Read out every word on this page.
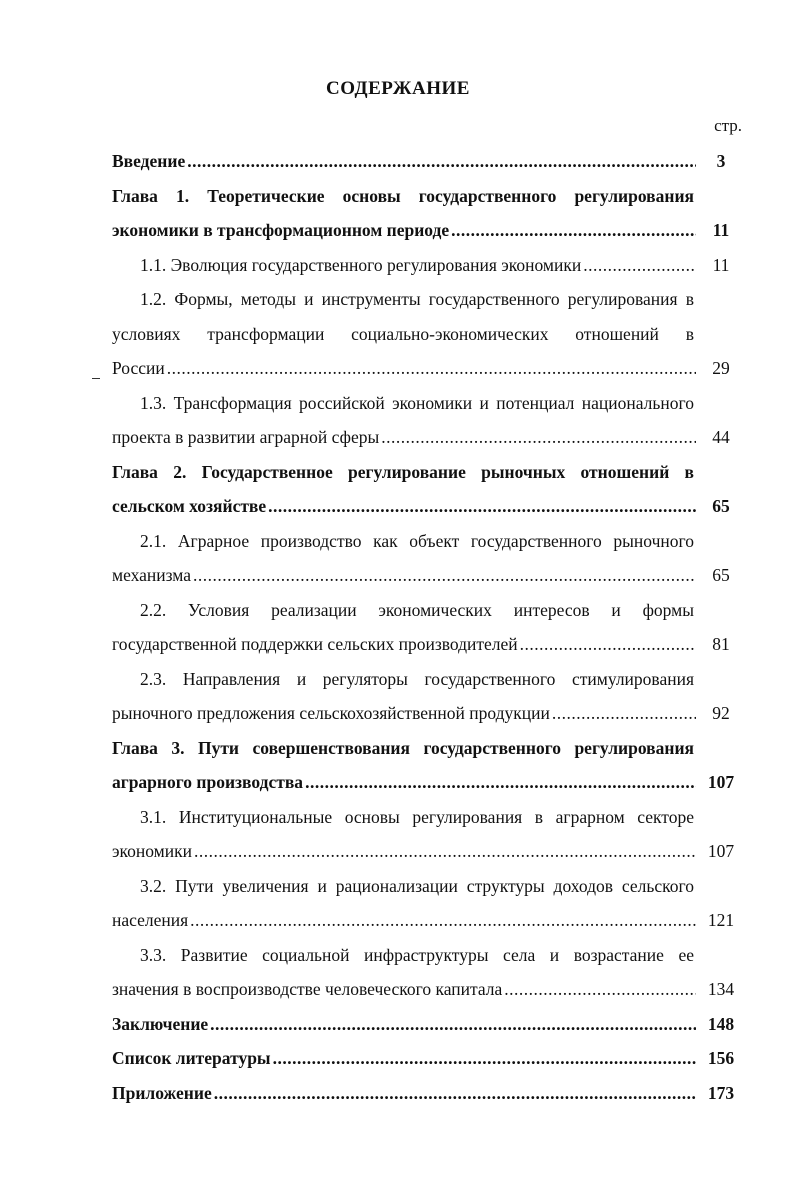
СОДЕРЖАНИЕ
стр.
Введение .....	3
Глава 1. Теоретические основы государственного регулирования
экономики в трансформационном периоде .....	11
1.1. Эволюция государственного регулирования экономики .....	11
1.2. Формы, методы и инструменты государственного регулирования в
условиях трансформации социально-экономических отношений в
России .....	29
1.3. Трансформация российской экономики и потенциал национального
проекта в развитии аграрной сферы .....	44
Глава 2. Государственное регулирование рыночных отношений в
сельском хозяйстве .....	65
2.1. Аграрное производство как объект государственного рыночного
механизма .....	65
2.2. Условия реализации экономических интересов и формы
государственной поддержки сельских производителей .....	81
2.3. Направления и регуляторы государственного стимулирования
рыночного предложения сельскохозяйственной продукции .....	92
Глава 3. Пути совершенствования государственного регулирования
аграрного производства .....	107
3.1. Институциональные основы регулирования в аграрном секторе
экономики .....	107
3.2. Пути увеличения и рационализации структуры доходов сельского
населения .....	121
3.3. Развитие социальной инфраструктуры села и возрастание ее
значения в воспроизводстве человеческого капитала .....	134
Заключение .....	148
Список литературы .....	156
Приложение .....	173
